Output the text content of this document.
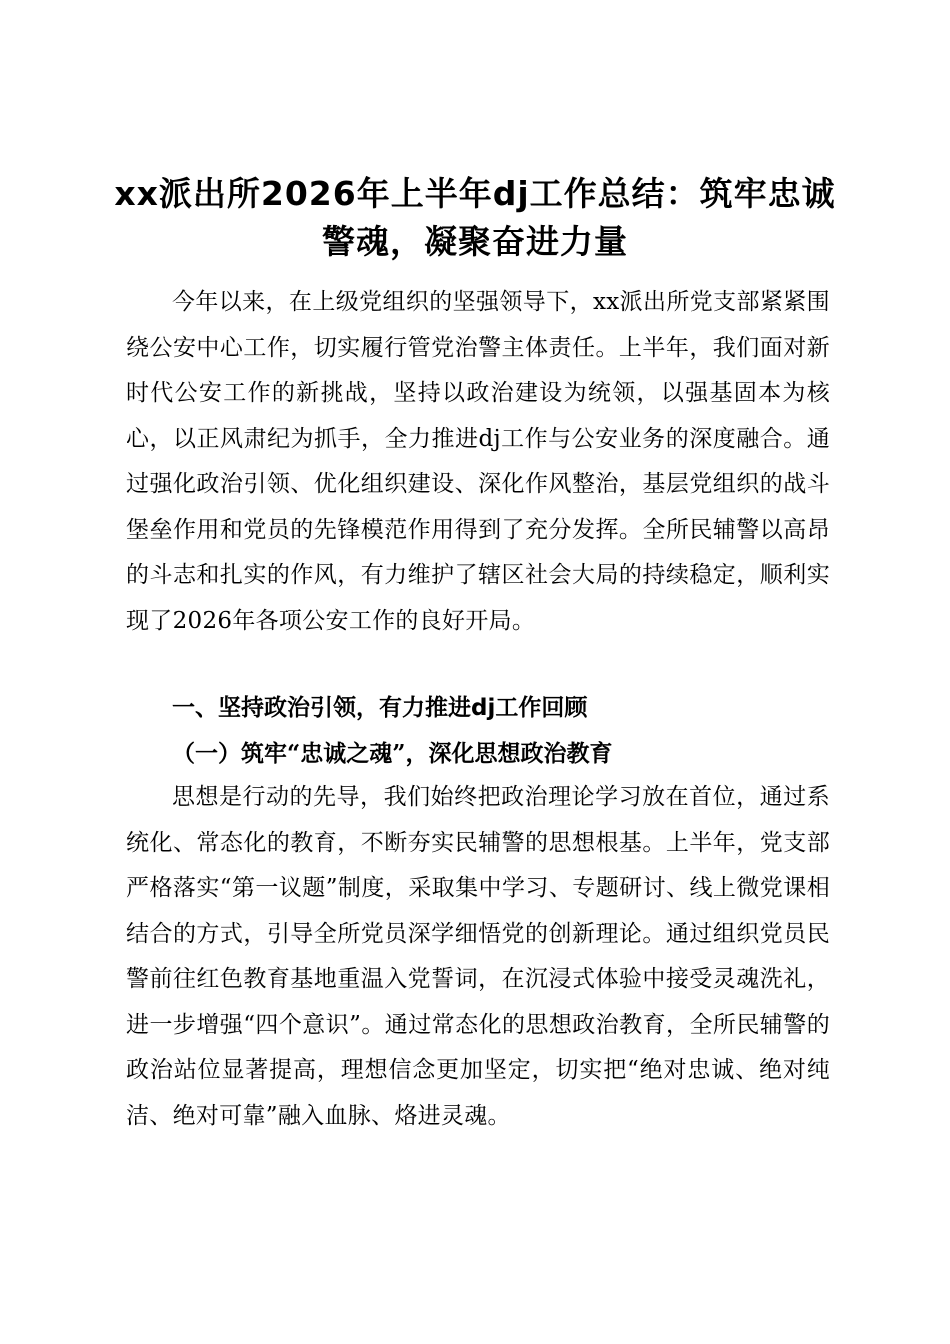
xx派出所2026年上半年dj工作总结：筑牢忠诚警魂，凝聚奋进力量

今年以来，在上级党组织的坚强领导下，xx派出所党支部紧紧围绕公安中心工作，切实履行管党治警主体责任。上半年，我们面对新时代公安工作的新挑战，坚持以政治建设为统领，以强基固本为核心，以正风肃纪为抓手，全力推进dj工作与公安业务的深度融合。通过强化政治引领、优化组织建设、深化作风整治，基层党组织的战斗堡垒作用和党员的先锋模范作用得到了充分发挥。全所民辅警以高昂的斗志和扎实的作风，有力维护了辖区社会大局的持续稳定，顺利实现了2026年各项公安工作的良好开局。

一、坚持政治引领，有力推进dj工作回顾
（一）筑牢“忠诚之魂”，深化思想政治教育

思想是行动的先导，我们始终把政治理论学习放在首位，通过系统化、常态化的教育，不断夯实民辅警的思想根基。上半年，党支部严格落实“第一议题”制度，采取集中学习、专题研讨、线上微党课相结合的方式，引导全所党员深学细悟党的创新理论。通过组织党员民警前往红色教育基地重温入党誓词，在沉浸式体验中接受灵魂洗礼，进一步增强“四个意识”。通过常态化的思想政治教育，全所民辅警的政治站位显著提高，理想信念更加坚定，切实把“绝对忠诚、绝对纯洁、绝对可靠”融入血脉、烙进灵魂。
